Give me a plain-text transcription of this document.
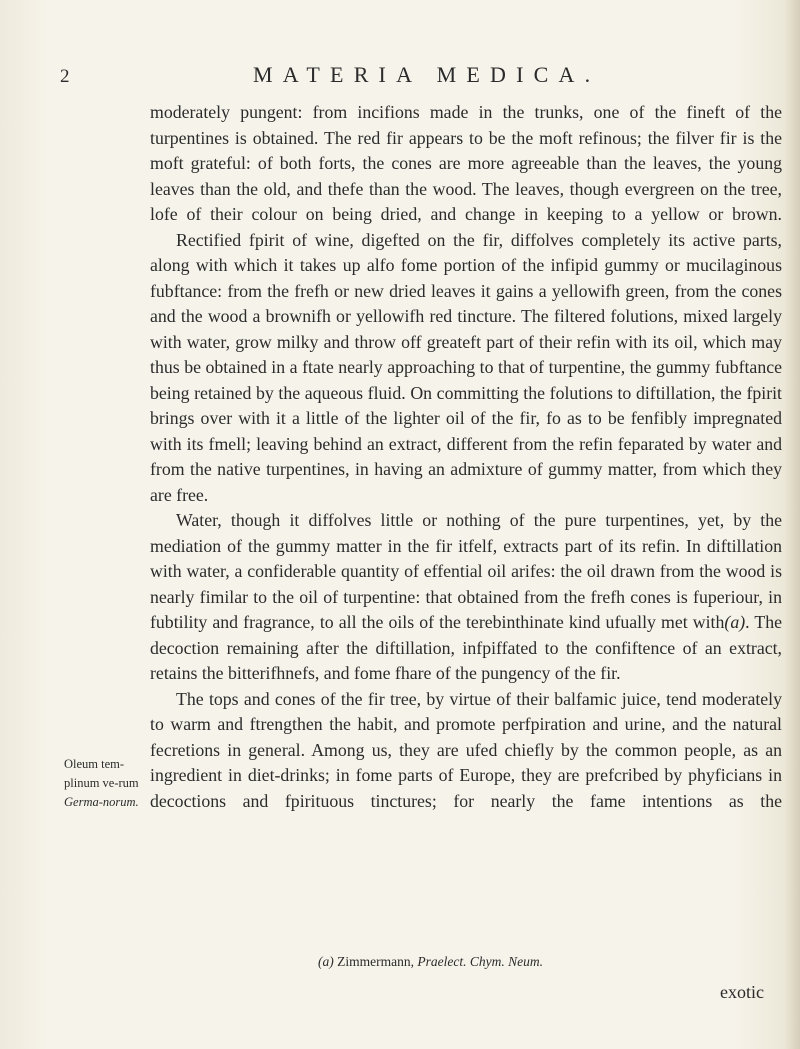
2	MATERIA MEDICA.

moderately pungent: from incifions made in the trunks, one of the fineft of the turpentines is obtained. The red fir appears to be the moft refinous; the filver fir is the moft grateful: of both forts, the cones are more agreeable than the leaves, the young leaves than the old, and thefe than the wood. The leaves, though evergreen on the tree, lofe of their colour on being dried, and change in keeping to a yellow or brown.

Rectified fpirit of wine, digefted on the fir, diffolves completely its active parts, along with which it takes up alfo fome portion of the infipid gummy or mucilaginous fubftance: from the frefh or new dried leaves it gains a yellowifh green, from the cones and the wood a brownifh or yellowifh red tincture. The filtered folutions, mixed largely with water, grow milky and throw off greateft part of their refin with its oil, which may thus be obtained in a ftate nearly approaching to that of turpentine, the gummy fubftance being retained by the aqueous fluid. On committing the folutions to diftillation, the fpirit brings over with it a little of the lighter oil of the fir, fo as to be fenfibly impregnated with its fmell; leaving behind an extract, different from the refin feparated by water and from the native turpentines, in having an admixture of gummy matter, from which they are free.

Water, though it diffolves little or nothing of the pure turpentines, yet, by the mediation of the gummy matter in the fir itfelf, extracts part of its refin. In diftillation with water, a confiderable quantity of effential oil arifes: the oil drawn from the wood is nearly fimilar to the oil of turpentine: that obtained from the frefh cones is fuperiour, in fubtility and fragrance, to all the oils of the terebinthinate kind ufually met with(a). The decoction remaining after the diftillation, infpiffated to the confiftence of an extract, retains the bitterifhnefs, and fome fhare of the pungency of the fir.

The tops and cones of the fir tree, by virtue of their balfamic juice, tend moderately to warm and ftrengthen the habit, and promote perfpiration and urine, and the natural fecretions in general. Among us, they are ufed chiefly by the common people, as an ingredient in diet-drinks; in fome parts of Europe, they are prefcribed by phyficians in decoctions and fpirituous tinctures; for nearly the fame intentions as the

Oleum tem-plinum ve-rum Germa-norum.
(a) Zimmermann, Praelect. Chym. Neum.
exotic
